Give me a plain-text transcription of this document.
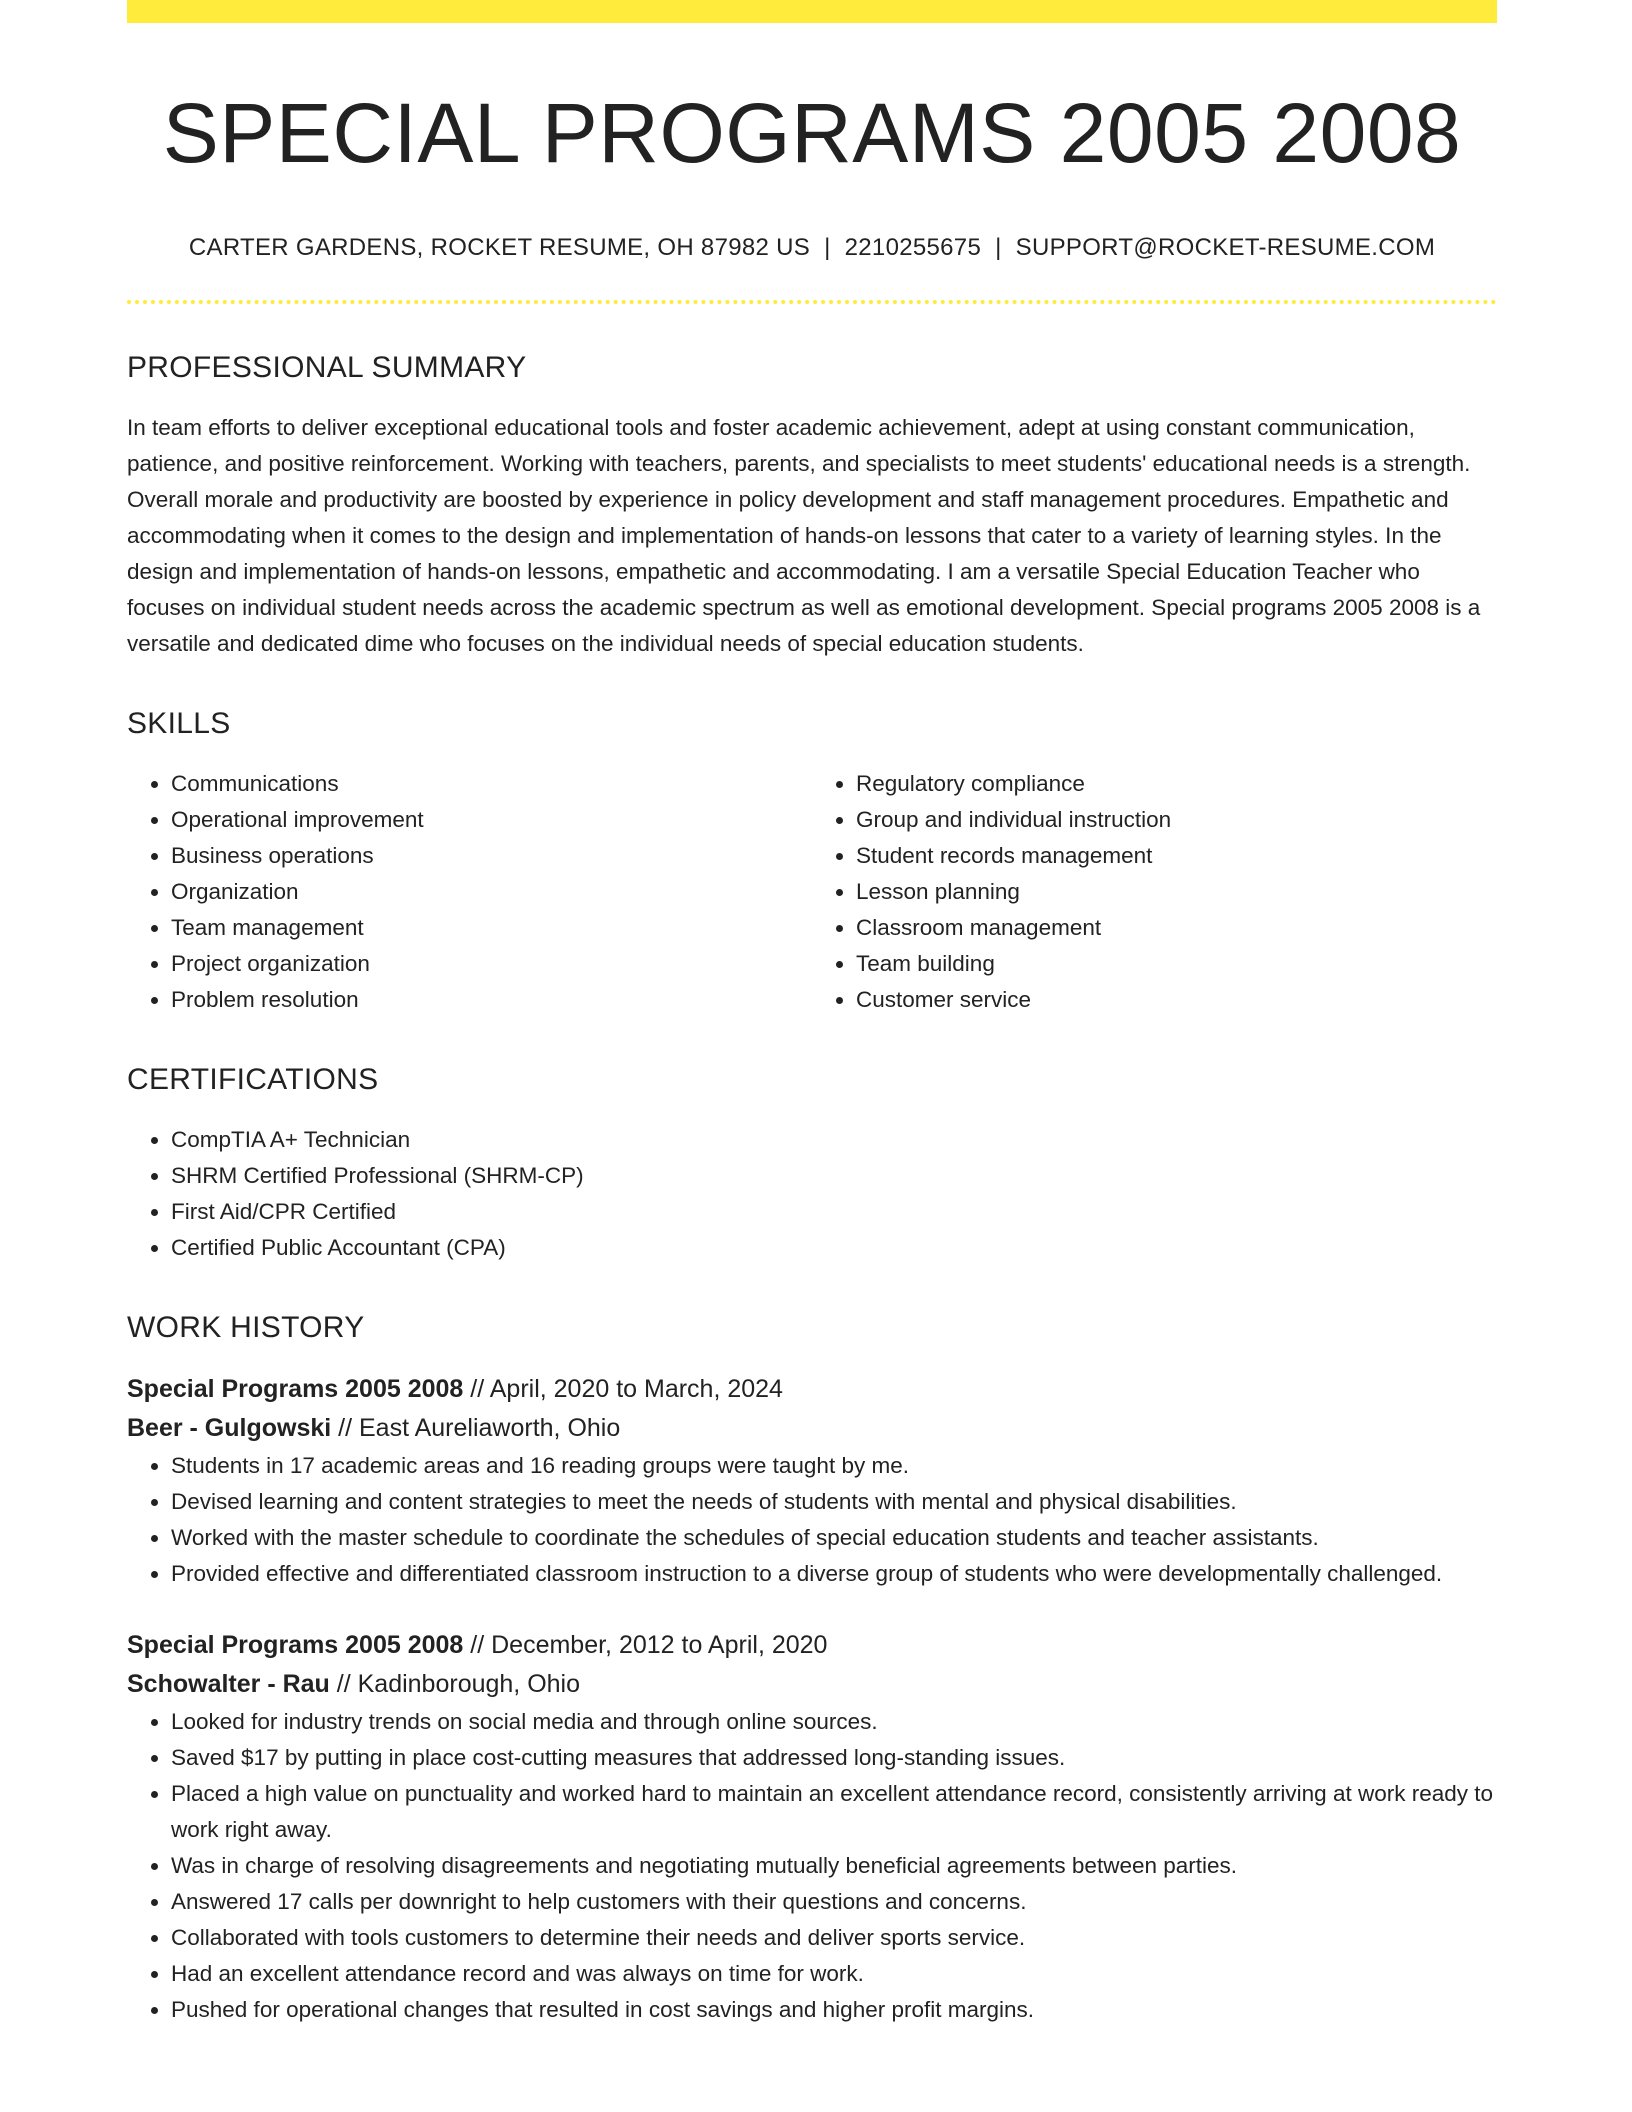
SPECIAL PROGRAMS 2005 2008
CARTER GARDENS, ROCKET RESUME, OH 87982 US | 2210255675 | SUPPORT@ROCKET-RESUME.COM
PROFESSIONAL SUMMARY

In team efforts to deliver exceptional educational tools and foster academic achievement, adept at using constant communication, patience, and positive reinforcement. Working with teachers, parents, and specialists to meet students' educational needs is a strength. Overall morale and productivity are boosted by experience in policy development and staff management procedures. Empathetic and accommodating when it comes to the design and implementation of hands-on lessons that cater to a variety of learning styles. In the design and implementation of hands-on lessons, empathetic and accommodating. I am a versatile Special Education Teacher who focuses on individual student needs across the academic spectrum as well as emotional development. Special programs 2005 2008 is a versatile and dedicated dime who focuses on the individual needs of special education students.

SKILLS
• Communications
• Operational improvement
• Business operations
• Organization
• Team management
• Project organization
• Problem resolution
• Regulatory compliance
• Group and individual instruction
• Student records management
• Lesson planning
• Classroom management
• Team building
• Customer service
CERTIFICATIONS
• CompTIA A+ Technician
• SHRM Certified Professional (SHRM-CP)
• First Aid/CPR Certified
• Certified Public Accountant (CPA)
WORK HISTORY
Special Programs 2005 2008 // April, 2020 to March, 2024
Beer - Gulgowski // East Aureliaworth, Ohio
• Students in 17 academic areas and 16 reading groups were taught by me.
• Devised learning and content strategies to meet the needs of students with mental and physical disabilities.
• Worked with the master schedule to coordinate the schedules of special education students and teacher assistants.
• Provided effective and differentiated classroom instruction to a diverse group of students who were developmentally challenged.
Special Programs 2005 2008 // December, 2012 to April, 2020
Schowalter - Rau // Kadinborough, Ohio
• Looked for industry trends on social media and through online sources.
• Saved $17 by putting in place cost-cutting measures that addressed long-standing issues.
• Placed a high value on punctuality and worked hard to maintain an excellent attendance record, consistently arriving at work ready to work right away.
• Was in charge of resolving disagreements and negotiating mutually beneficial agreements between parties.
• Answered 17 calls per downright to help customers with their questions and concerns.
• Collaborated with tools customers to determine their needs and deliver sports service.
• Had an excellent attendance record and was always on time for work.
• Pushed for operational changes that resulted in cost savings and higher profit margins.
